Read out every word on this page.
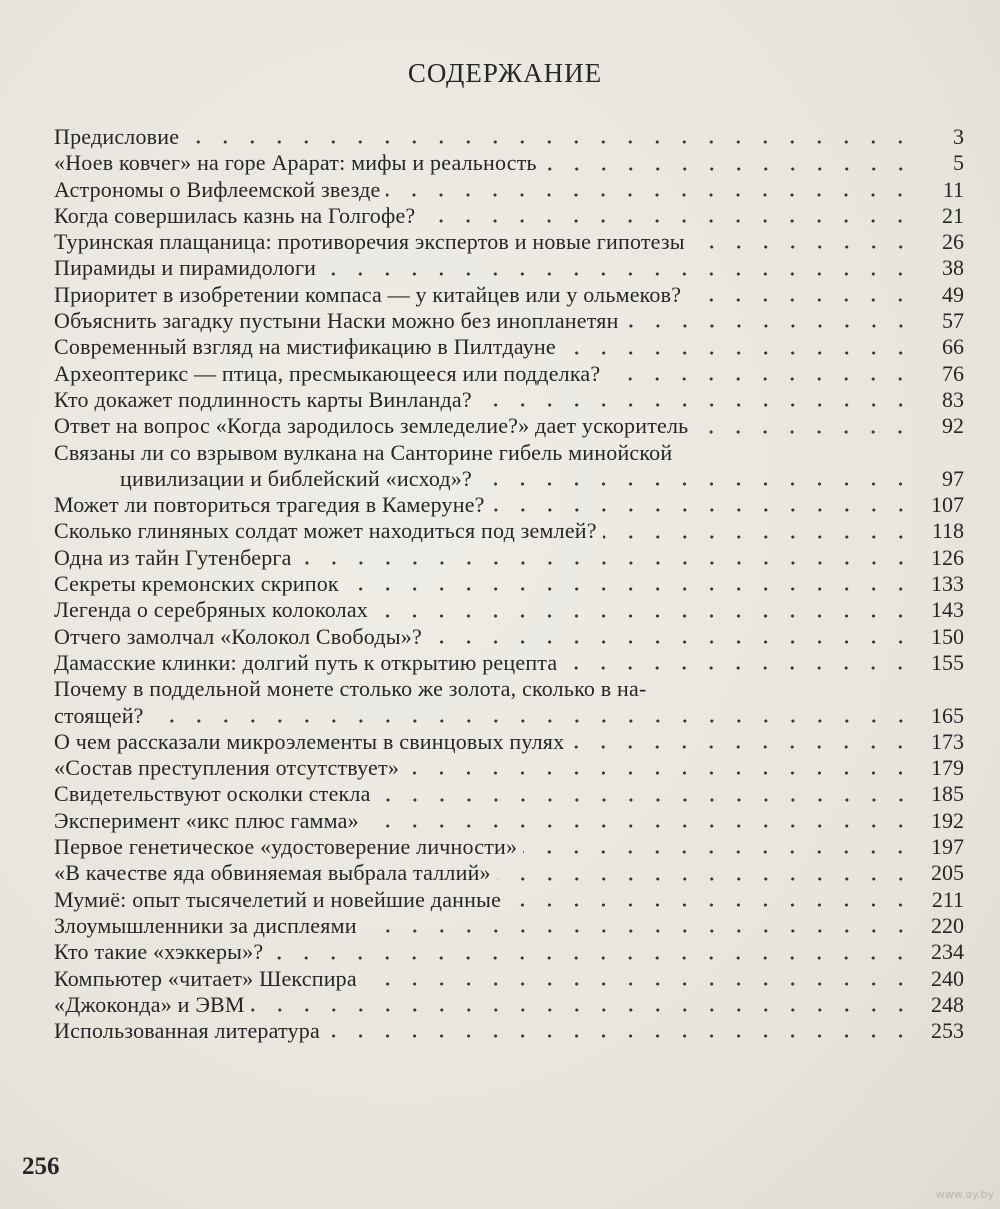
СОДЕРЖАНИЕ
Предисловие	3
«Ноев ковчег» на горе Арарат: мифы и реальность	5
Астрономы о Вифлеемской звезде	11
Когда совершилась казнь на Голгофе?	21
Туринская плащаница: противоречия экспертов и новые гипотезы	26
Пирамиды и пирамидологи	38
Приоритет в изобретении компаса — у китайцев или у ольмеков?	49
Объяснить загадку пустыни Наски можно без инопланетян	57
Современный взгляд на мистификацию в Пилтдауне	66
Археоптерикс — птица, пресмыкающееся или подделка?	76
Кто докажет подлинность карты Винланда?	83
Ответ на вопрос «Когда зародилось земледелие?» дает ускоритель	92
Связаны ли со взрывом вулкана на Санторине гибель минойской
цивилизации и библейский «исход»?	97
Может ли повториться трагедия в Камеруне?	107
Сколько глиняных солдат может находиться под землей?	118
Одна из тайн Гутенберга	126
Секреты кремонских скрипок	133
Легенда о серебряных колоколах	143
Отчего замолчал «Колокол Свободы»?	150
Дамасские клинки: долгий путь к открытию рецепта	155
Почему в поддельной монете столько же золота, сколько в на-
стоящей?	165
О чем рассказали микроэлементы в свинцовых пулях	173
«Состав преступления отсутствует»	179
Свидетельствуют осколки стекла	185
Эксперимент «икс плюс гамма»	192
Первое генетическое «удостоверение личности»	197
«В качестве яда обвиняемая выбрала таллий»	205
Мумиё: опыт тысячелетий и новейшие данные	211
Злоумышленники за дисплеями	220
Кто такие «хэккеры»?	234
Компьютер «читает» Шекспира	240
«Джоконда» и ЭВМ	248
Использованная литература	253
256
www.ay.by
